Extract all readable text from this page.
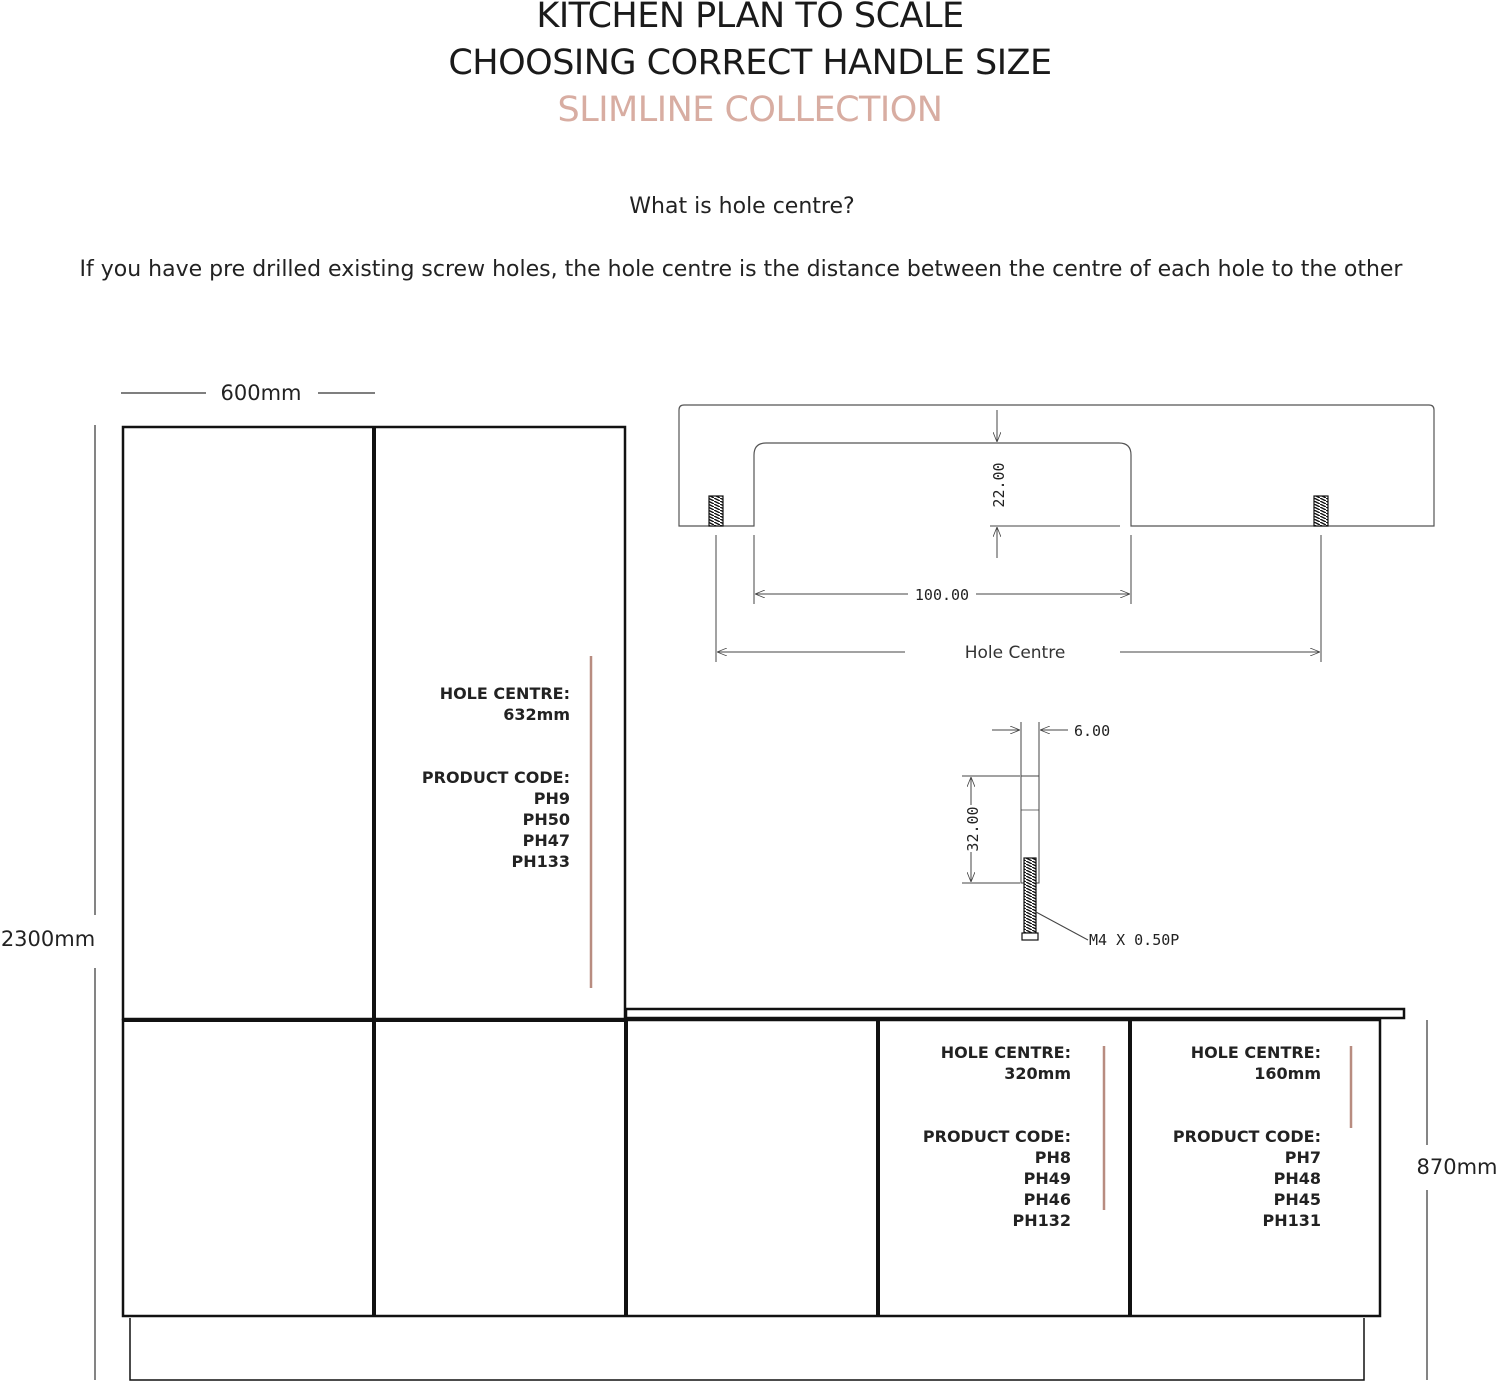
KITCHEN PLAN TO SCALE
CHOOSING CORRECT HANDLE SIZE
SLIMLINE COLLECTION
What is hole centre?
If you have pre drilled existing screw holes, the hole centre is the distance between the centre of each hole to the other
600mm
2300mm
870mm
HOLE CENTRE:
632mm
PRODUCT CODE:
PH9
PH50
PH47
PH133
HOLE CENTRE:
320mm
PRODUCT CODE:
PH8
PH49
PH46
PH132
HOLE CENTRE:
160mm
PRODUCT CODE:
PH7
PH48
PH45
PH131
22.00
100.00
Hole Centre
6.00
32.00
M4 X 0.50P
